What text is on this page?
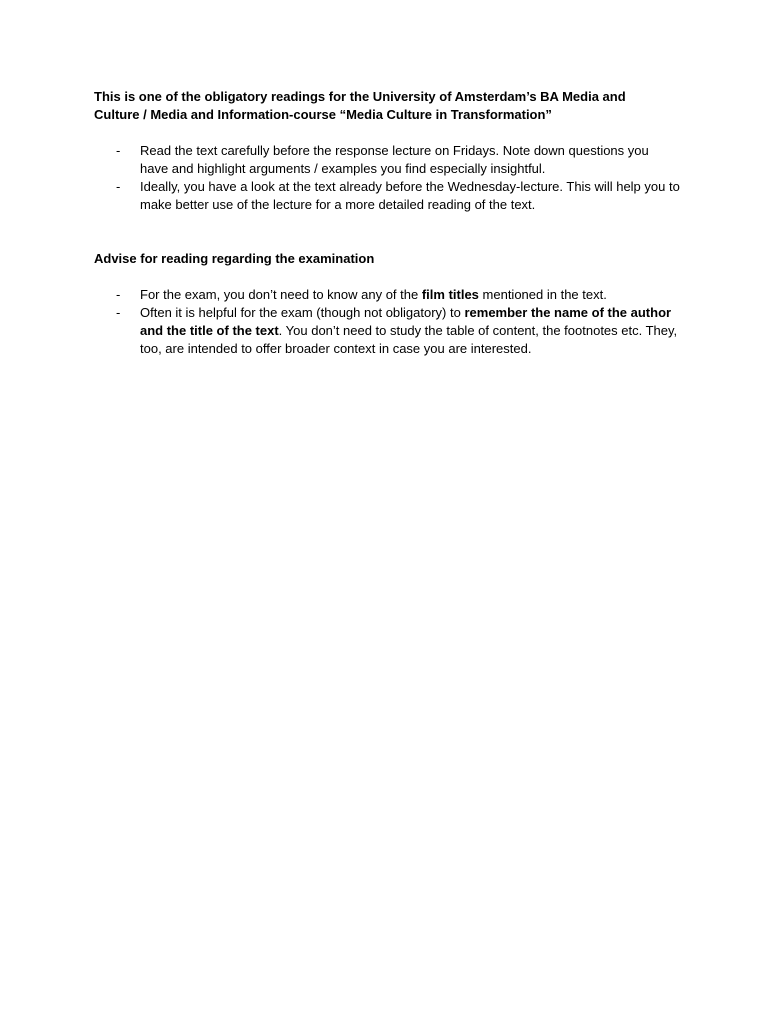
This is one of the obligatory readings for the University of Amsterdam’s BA Media and Culture / Media and Information-course “Media Culture in Transformation”

- Read the text carefully before the response lecture on Fridays. Note down questions you have and highlight arguments / examples you find especially insightful.
- Ideally, you have a look at the text already before the Wednesday-lecture. This will help you to make better use of the lecture for a more detailed reading of the text.

Advise for reading regarding the examination

- For the exam, you don’t need to know any of the film titles mentioned in the text.
- Often it is helpful for the exam (though not obligatory) to remember the name of the author and the title of the text. You don’t need to study the table of content, the footnotes etc. They, too, are intended to offer broader context in case you are interested.
